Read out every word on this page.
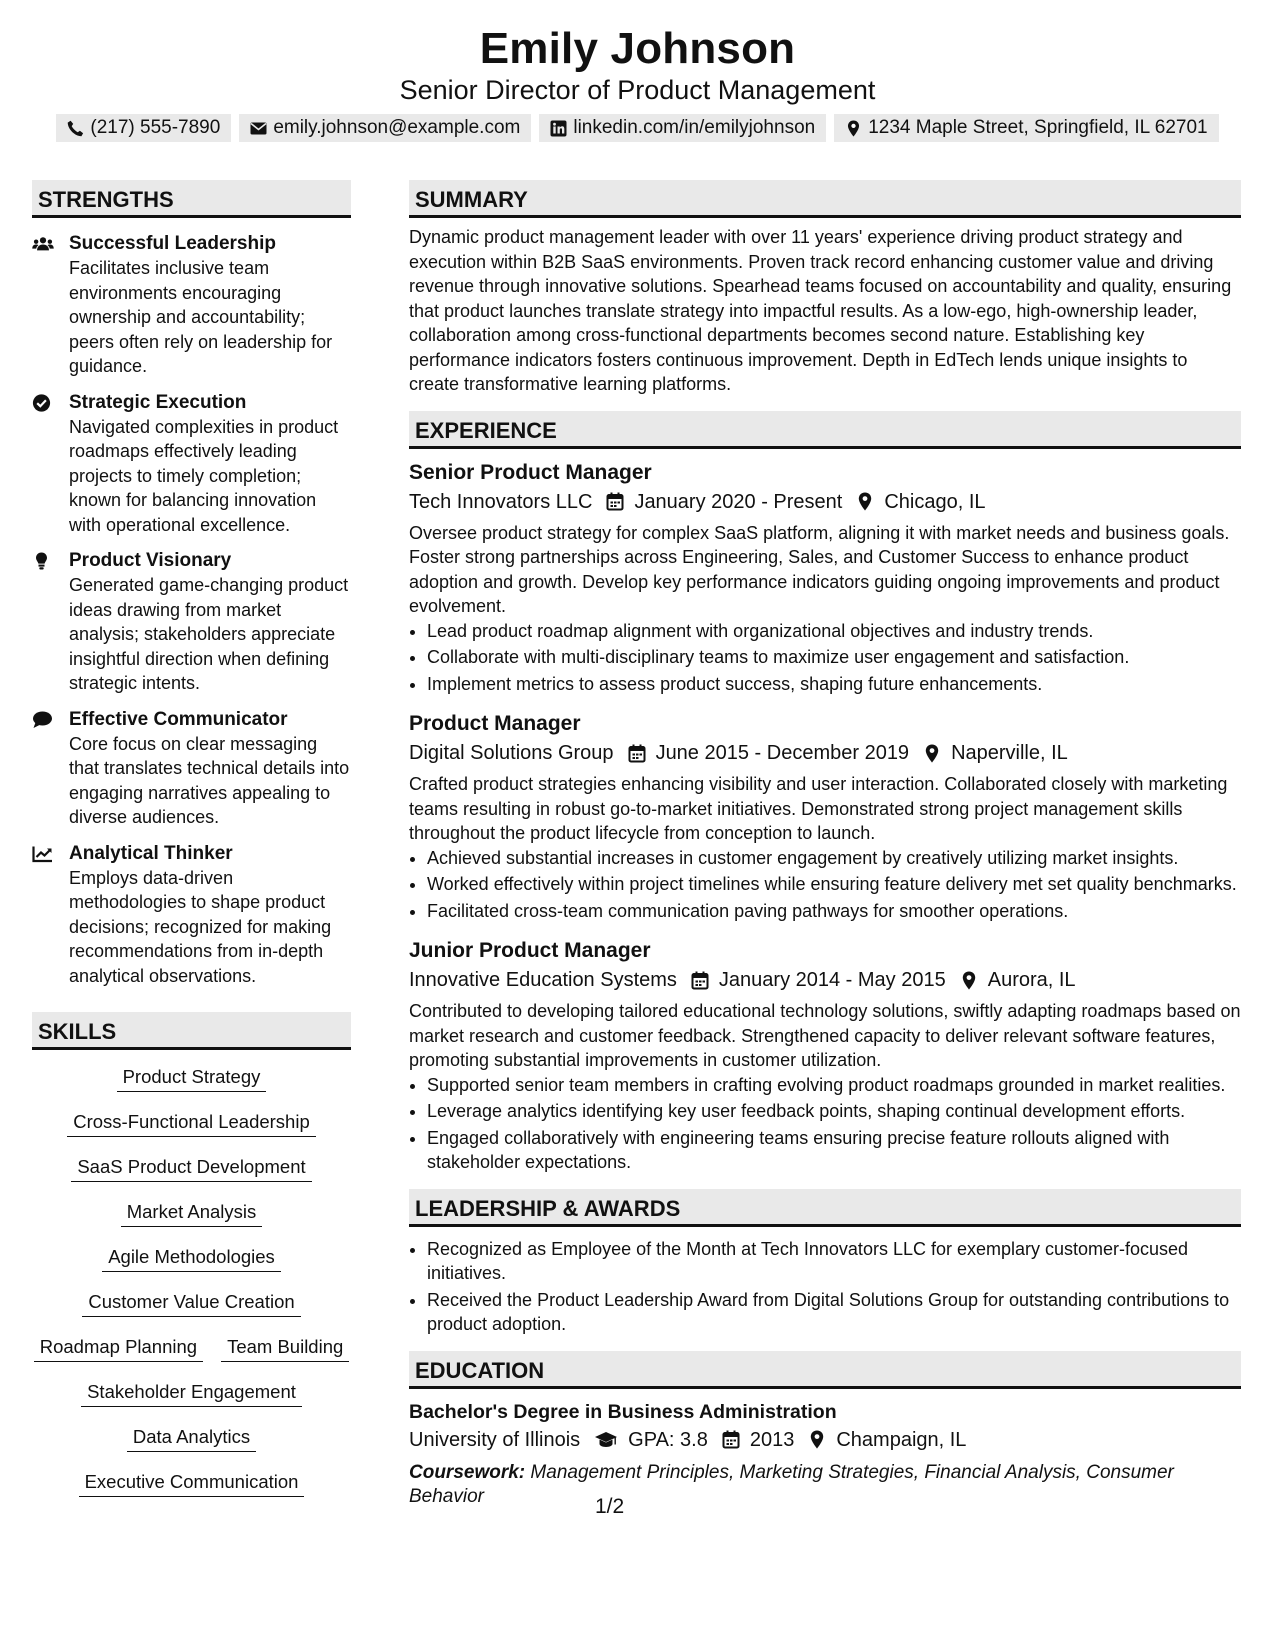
Emily Johnson
Senior Director of Product Management
(217) 555-7890	emily.johnson@example.com	linkedin.com/in/emilyjohnson	1234 Maple Street, Springfield, IL 62701
STRENGTHS
Successful Leadership
Facilitates inclusive team environments encouraging ownership and accountability; peers often rely on leadership for guidance.
Strategic Execution
Navigated complexities in product roadmaps effectively leading projects to timely completion; known for balancing innovation with operational excellence.
Product Visionary
Generated game-changing product ideas drawing from market analysis; stakeholders appreciate insightful direction when defining strategic intents.
Effective Communicator
Core focus on clear messaging that translates technical details into engaging narratives appealing to diverse audiences.
Analytical Thinker
Employs data-driven methodologies to shape product decisions; recognized for making recommendations from in-depth analytical observations.
SKILLS
Product Strategy
Cross-Functional Leadership
SaaS Product Development
Market Analysis
Agile Methodologies
Customer Value Creation
Roadmap Planning	Team Building
Stakeholder Engagement
Data Analytics
Executive Communication
SUMMARY
Dynamic product management leader with over 11 years' experience driving product strategy and execution within B2B SaaS environments. Proven track record enhancing customer value and driving revenue through innovative solutions. Spearhead teams focused on accountability and quality, ensuring that product launches translate strategy into impactful results. As a low-ego, high-ownership leader, collaboration among cross-functional departments becomes second nature. Establishing key performance indicators fosters continuous improvement. Depth in EdTech lends unique insights to create transformative learning platforms.
EXPERIENCE
Senior Product Manager
Tech Innovators LLC January 2020 - Present Chicago, IL
Oversee product strategy for complex SaaS platform, aligning it with market needs and business goals. Foster strong partnerships across Engineering, Sales, and Customer Success to enhance product adoption and growth. Develop key performance indicators guiding ongoing improvements and product evolvement.
• Lead product roadmap alignment with organizational objectives and industry trends.
• Collaborate with multi-disciplinary teams to maximize user engagement and satisfaction.
• Implement metrics to assess product success, shaping future enhancements.
Product Manager
Digital Solutions Group June 2015 - December 2019 Naperville, IL
Crafted product strategies enhancing visibility and user interaction. Collaborated closely with marketing teams resulting in robust go-to-market initiatives. Demonstrated strong project management skills throughout the product lifecycle from conception to launch.
• Achieved substantial increases in customer engagement by creatively utilizing market insights.
• Worked effectively within project timelines while ensuring feature delivery met set quality benchmarks.
• Facilitated cross-team communication paving pathways for smoother operations.
Junior Product Manager
Innovative Education Systems January 2014 - May 2015 Aurora, IL
Contributed to developing tailored educational technology solutions, swiftly adapting roadmaps based on market research and customer feedback. Strengthened capacity to deliver relevant software features, promoting substantial improvements in customer utilization.
• Supported senior team members in crafting evolving product roadmaps grounded in market realities.
• Leverage analytics identifying key user feedback points, shaping continual development efforts.
• Engaged collaboratively with engineering teams ensuring precise feature rollouts aligned with stakeholder expectations.
LEADERSHIP & AWARDS
• Recognized as Employee of the Month at Tech Innovators LLC for exemplary customer-focused initiatives.
• Received the Product Leadership Award from Digital Solutions Group for outstanding contributions to product adoption.
EDUCATION
Bachelor's Degree in Business Administration
University of Illinois GPA: 3.8 2013 Champaign, IL
Coursework: Management Principles, Marketing Strategies, Financial Analysis, Consumer Behavior	1/2
